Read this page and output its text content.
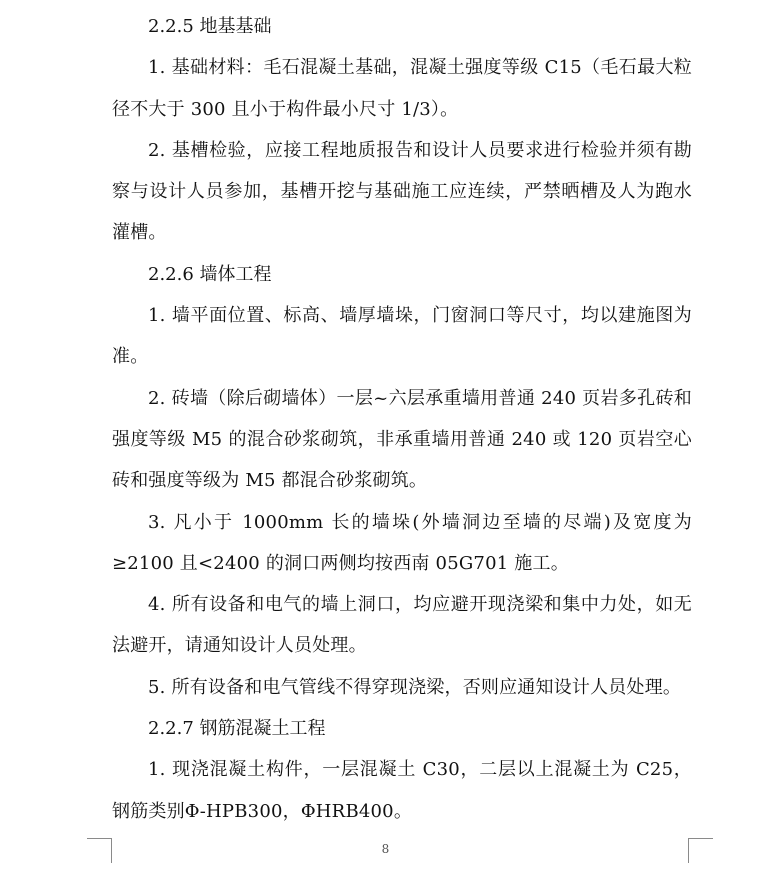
2.2.5 地基基础

1. 基础材料：毛石混凝土基础，混凝土强度等级 C15（毛石最大粒径不大于 300 且小于构件最小尺寸 1/3）。

2. 基槽检验，应接工程地质报告和设计人员要求进行检验并须有勘察与设计人员参加，基槽开挖与基础施工应连续，严禁晒槽及人为跑水灌槽。

2.2.6 墙体工程

1. 墙平面位置、标高、墙厚墙垛，门窗洞口等尺寸，均以建施图为准。

2. 砖墙（除后砌墙体）一层~六层承重墙用普通 240 页岩多孔砖和强度等级 M5 的混合砂浆砌筑，非承重墙用普通 240 或 120 页岩空心砖和强度等级为 M5 都混合砂浆砌筑。

3. 凡小于 1000mm 长的墙垛(外墙洞边至墙的尽端)及宽度为≥2100 且<2400 的洞口两侧均按西南 05G701 施工。

4. 所有设备和电气的墙上洞口，均应避开现浇梁和集中力处，如无法避开，请通知设计人员处理。

5. 所有设备和电气管线不得穿现浇梁，否则应通知设计人员处理。

2.2.7 钢筋混凝土工程

1. 现浇混凝土构件，一层混凝土 C30，二层以上混凝土为 C25，钢筋类别Φ-HPB300，ΦHRB400。

8
